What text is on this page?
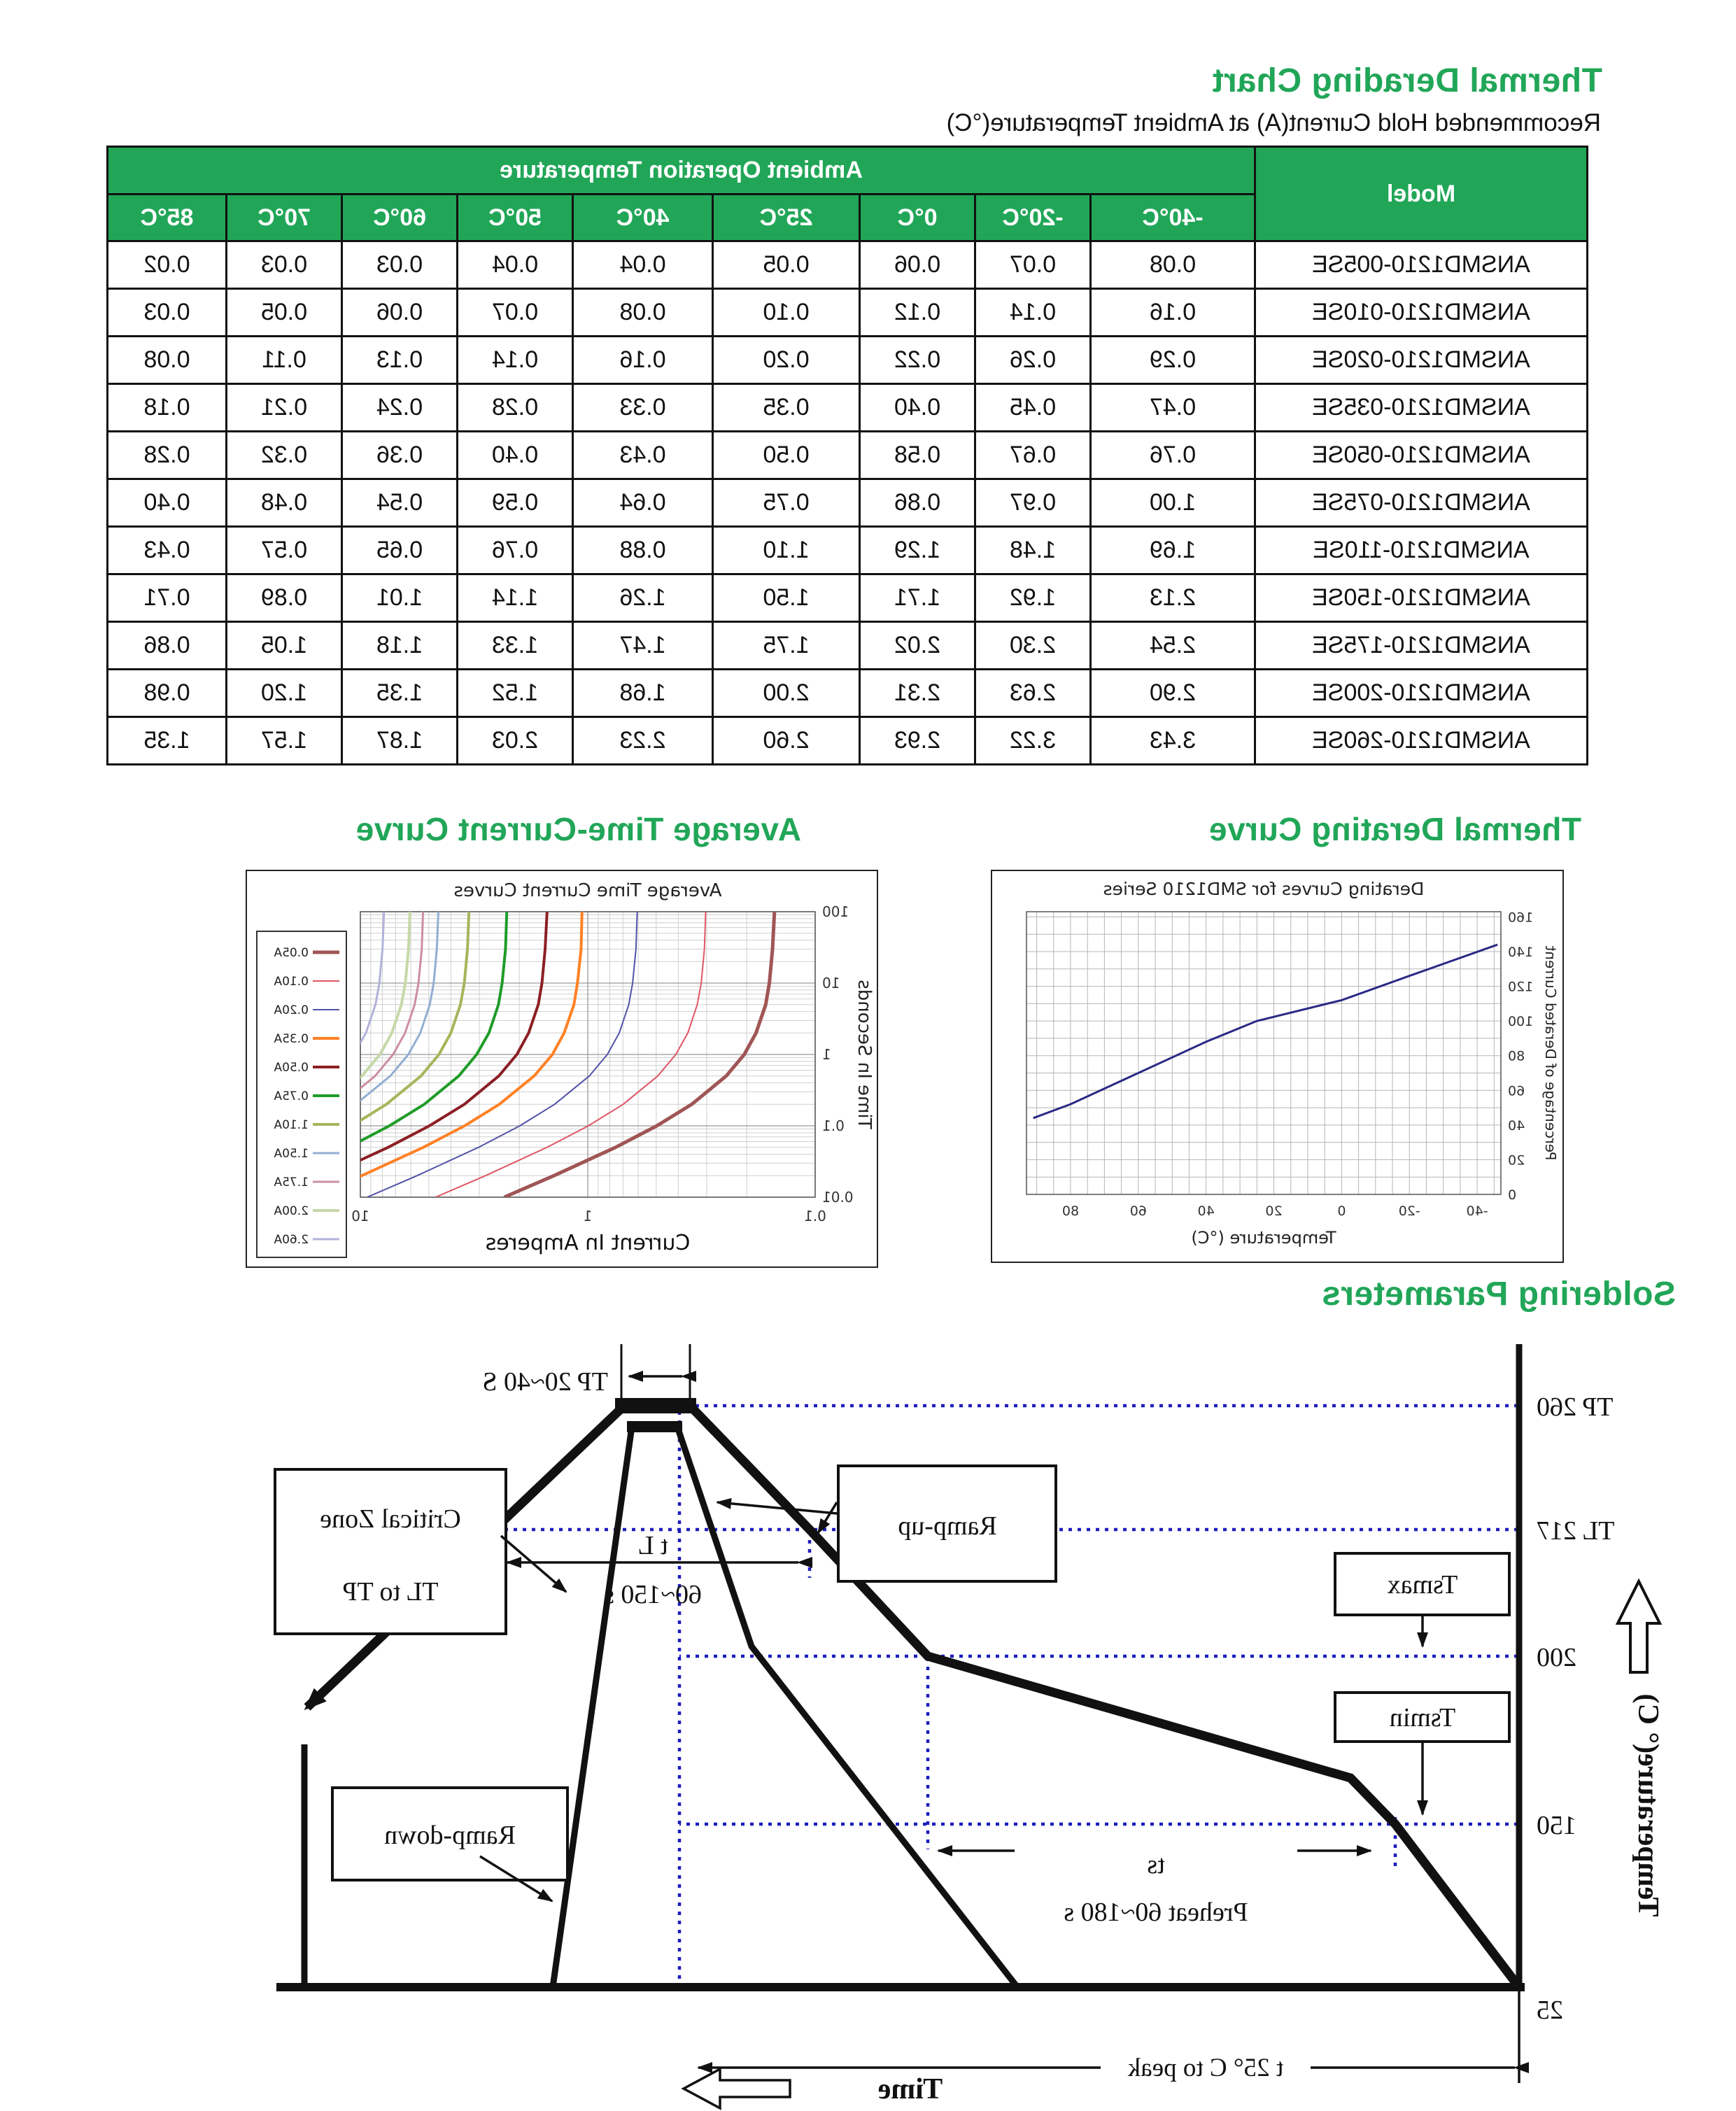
Thermal Derading Chart
Recommended Hold Current(A) at Ambient Temperature(°C)
Model	Ambient Operation Temperature								
	-40°C	-20°C	0°C	25°C	40°C	50°C	60°C	70°C	85°C
ANSMD1210-005SE	0.08	0.07	0.06	0.05	0.04	0.04	0.03	0.03	0.02
ANSMD1210-010SE	0.16	0.14	0.12	0.10	0.08	0.07	0.06	0.05	0.03
ANSMD1210-020SE	0.29	0.26	0.22	0.20	0.16	0.14	0.13	0.11	0.08
ANSMD1210-035SE	0.47	0.45	0.40	0.35	0.33	0.28	0.24	0.21	0.18
ANSMD1210-050SE	0.76	0.67	0.58	0.50	0.43	0.40	0.36	0.32	0.28
ANSMD1210-075SE	1.00	0.97	0.86	0.75	0.64	0.59	0.54	0.48	0.40
ANSMD1210-110SE	1.69	1.48	1.29	1.10	0.88	0.76	0.65	0.57	0.43
ANSMD1210-150SE	2.13	1.92	1.71	1.50	1.26	1.14	1.01	0.89	0.71
ANSMD1210-175SE	2.54	2.30	2.02	1.75	1.47	1.33	1.18	1.05	0.86
ANSMD1210-200SE	2.90	2.63	2.31	2.00	1.68	1.52	1.35	1.20	0.98
ANSMD1210-260SE	3.43	3.22	2.93	2.60	2.23	2.03	1.87	1.57	1.35
Thermal Derating Curve
-40
-20
0
20
40
60
80
0
20
40
60
80
100
120
140
160
Derating Curves for SMD1210 Series
Temperature (°C)
Percentage of Derated Current
Average Time-Current Curve
0.1
1
10
100
10
1
0.1
0.01
Average Time Current Curves
Current In Amperes
Time In Seconds
0.05A
0.10A
0.20A
0.35A
0.50A
0.75A
1.10A
1.50A
1.75A
2.00A
2.60A
Soldering Parameters
TP 260
TL 217
200
150
25
TP 20~40 S
Critical Zone
TL to TP
Ramp-up
t L
60~150 s	Tsmax
Tsmin
ts
Preheat 60~180 s
Ramp-down
t 25° C to peak
Time
Temperature(° C)
